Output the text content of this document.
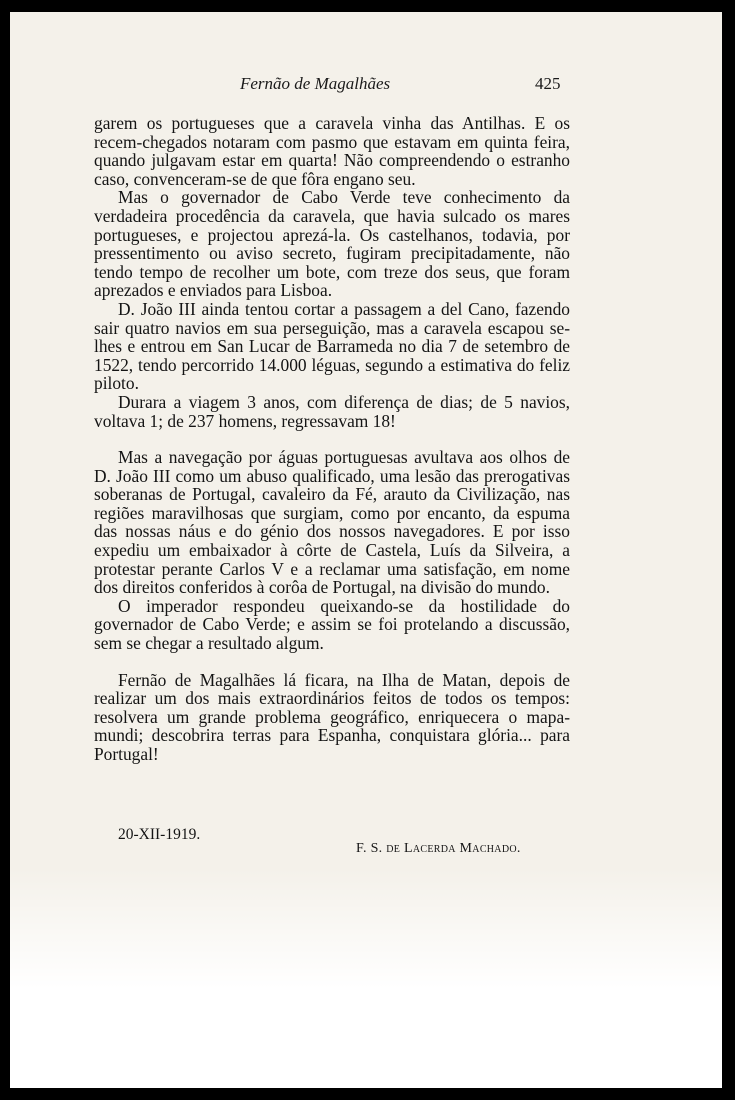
Fernão de Magalhães	425

garem os portugueses que a caravela vinha das Antilhas. E os recem-chegados notaram com pasmo que estavam em quinta feira, quando julgavam estar em quarta! Não compreendendo o estranho caso, convenceram-se de que fôra engano seu.

Mas o governador de Cabo Verde teve conhecimento da verdadeira procedência da caravela, que havia sulcado os mares portugueses, e projectou aprezá-la. Os castelhanos, todavia, por pressentimento ou aviso secreto, fugiram precipitadamente, não tendo tempo de recolher um bote, com treze dos seus, que foram aprezados e enviados para Lisboa.

D. João III ainda tentou cortar a passagem a del Cano, fazendo sair quatro navios em sua perseguição, mas a caravela escapou se-lhes e entrou em San Lucar de Barrameda no dia 7 de setembro de 1522, tendo percorrido 14.000 léguas, segundo a estimativa do feliz piloto.

Durara a viagem 3 anos, com diferença de dias; de 5 navios, voltava 1; de 237 homens, regressavam 18!

Mas a navegação por águas portuguesas avultava aos olhos de D. João III como um abuso qualificado, uma lesão das prerogativas soberanas de Portugal, cavaleiro da Fé, arauto da Civilização, nas regiões maravilhosas que surgiam, como por encanto, da espuma das nossas náus e do génio dos nossos navegadores. E por isso expediu um embaixador à côrte de Castela, Luís da Silveira, a protestar perante Carlos V e a reclamar uma satisfação, em nome dos direitos conferidos à corôa de Portugal, na divisão do mundo.

O imperador respondeu queixando-se da hostilidade do governador de Cabo Verde; e assim se foi protelando a discussão, sem se chegar a resultado algum.

Fernão de Magalhães lá ficara, na Ilha de Matan, depois de realizar um dos mais extraordinários feitos de todos os tempos: resolvera um grande problema geográfico, enriquecera o mapa-mundi; descobrira terras para Espanha, conquistara glória... para Portugal!

20-XII-1919.
F. S. de Lacerda Machado.
